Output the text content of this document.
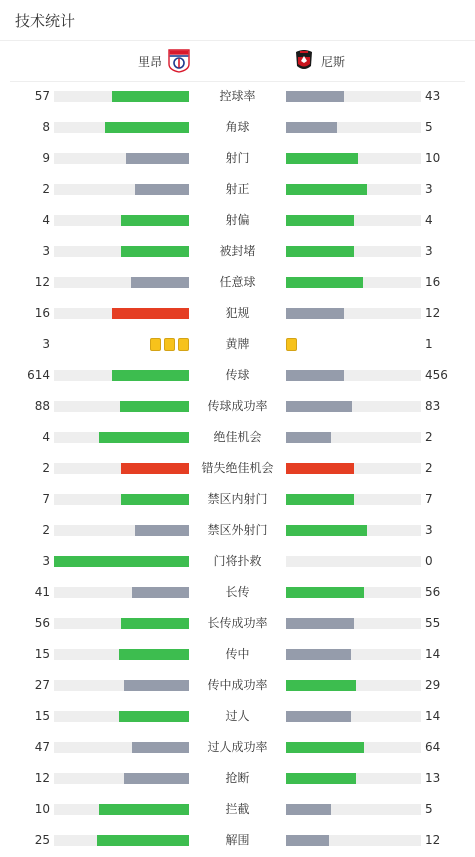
技术统计
里昂	尼斯
57	控球率	43
8	角球	5
9	射门	10
2	射正	3
4	射偏	4
3	被封堵	3
12	任意球	16
16	犯规	12
3	黄牌	1
614	传球	456
88	传球成功率	83
4	绝佳机会	2
2	错失绝佳机会	2
7	禁区内射门	7
2	禁区外射门	3
3	门将扑救	0
41	长传	56
56	长传成功率	55
15	传中	14
27	传中成功率	29
15	过人	14
47	过人成功率	64
12	抢断	13
10	拦截	5
25	解围	12
